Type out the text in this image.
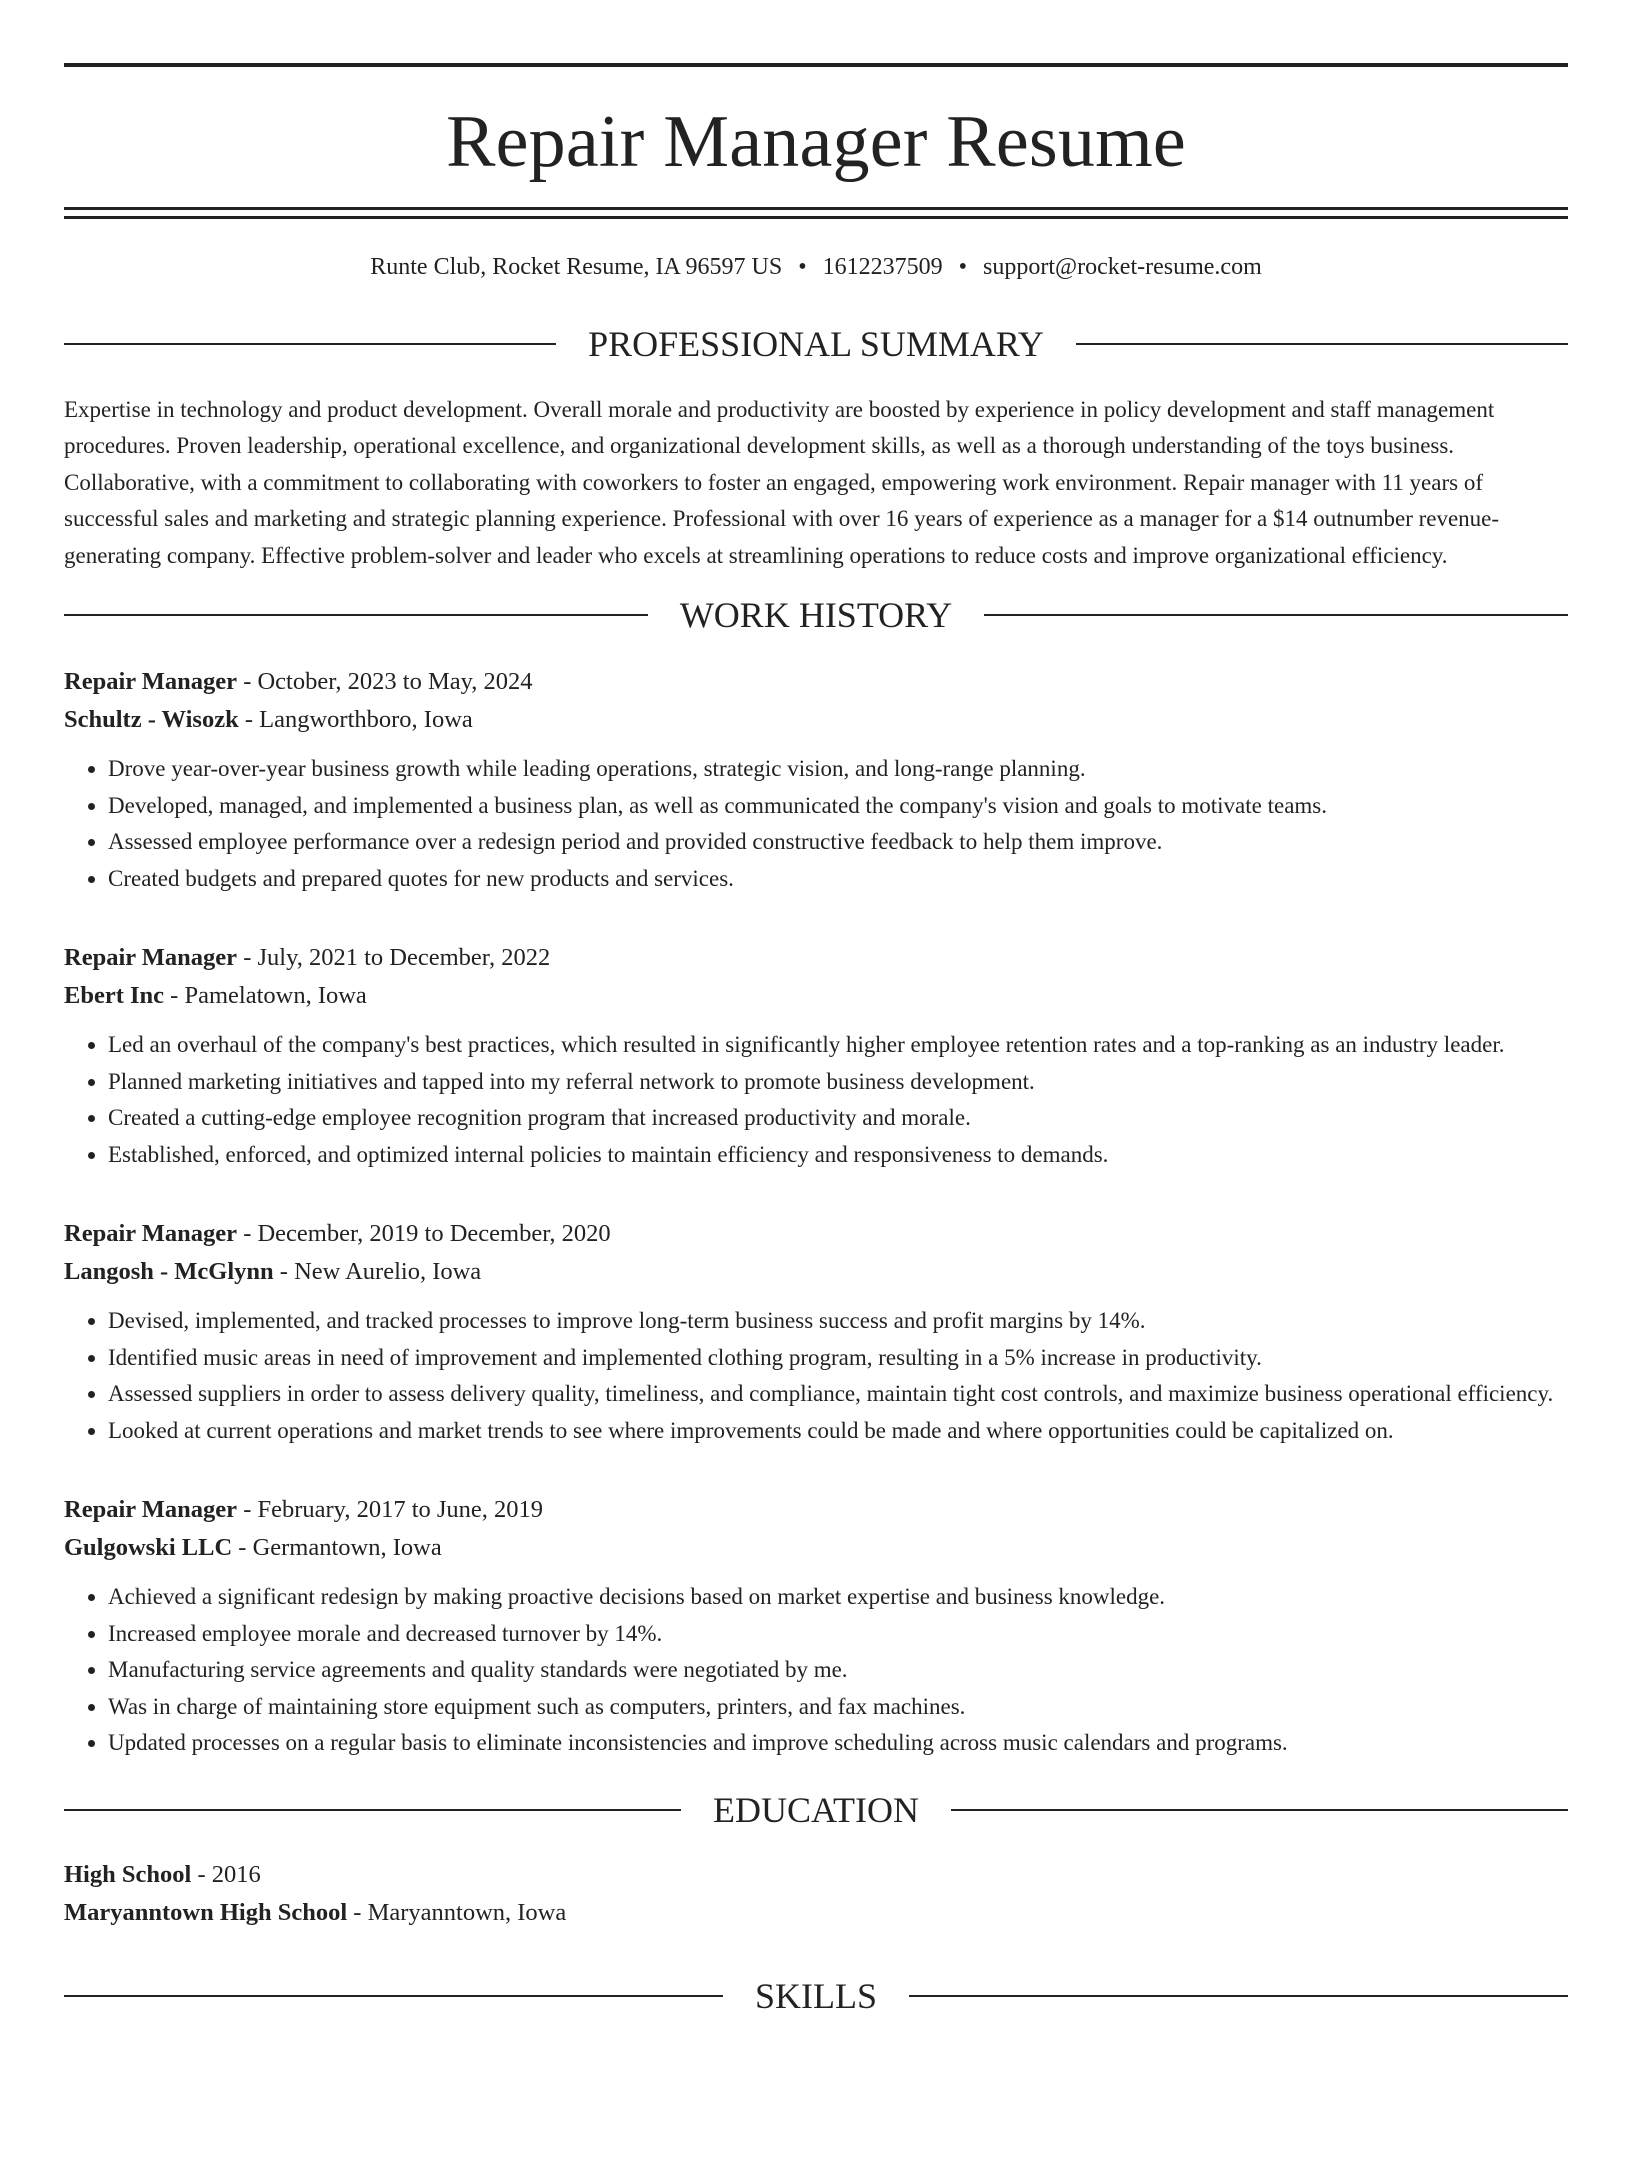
Repair Manager Resume
Runte Club, Rocket Resume, IA 96597 US • 1612237509 • support@rocket-resume.com
PROFESSIONAL SUMMARY

Expertise in technology and product development. Overall morale and productivity are boosted by experience in policy development and staff management procedures. Proven leadership, operational excellence, and organizational development skills, as well as a thorough understanding of the toys business. Collaborative, with a commitment to collaborating with coworkers to foster an engaged, empowering work environment. Repair manager with 11 years of successful sales and marketing and strategic planning experience. Professional with over 16 years of experience as a manager for a $14 outnumber revenue-generating company. Effective problem-solver and leader who excels at streamlining operations to reduce costs and improve organizational efficiency.

WORK HISTORY
Repair Manager - October, 2023 to May, 2024
Schultz - Wisozk - Langworthboro, Iowa
• Drove year-over-year business growth while leading operations, strategic vision, and long-range planning.
• Developed, managed, and implemented a business plan, as well as communicated the company's vision and goals to motivate teams.
• Assessed employee performance over a redesign period and provided constructive feedback to help them improve.
• Created budgets and prepared quotes for new products and services.
Repair Manager - July, 2021 to December, 2022
Ebert Inc - Pamelatown, Iowa
• Led an overhaul of the company's best practices, which resulted in significantly higher employee retention rates and a top-ranking as an industry leader.
• Planned marketing initiatives and tapped into my referral network to promote business development.
• Created a cutting-edge employee recognition program that increased productivity and morale.
• Established, enforced, and optimized internal policies to maintain efficiency and responsiveness to demands.
Repair Manager - December, 2019 to December, 2020
Langosh - McGlynn - New Aurelio, Iowa
• Devised, implemented, and tracked processes to improve long-term business success and profit margins by 14%.
• Identified music areas in need of improvement and implemented clothing program, resulting in a 5% increase in productivity.
• Assessed suppliers in order to assess delivery quality, timeliness, and compliance, maintain tight cost controls, and maximize business operational efficiency.
• Looked at current operations and market trends to see where improvements could be made and where opportunities could be capitalized on.
Repair Manager - February, 2017 to June, 2019
Gulgowski LLC - Germantown, Iowa
• Achieved a significant redesign by making proactive decisions based on market expertise and business knowledge.
• Increased employee morale and decreased turnover by 14%.
• Manufacturing service agreements and quality standards were negotiated by me.
• Was in charge of maintaining store equipment such as computers, printers, and fax machines.
• Updated processes on a regular basis to eliminate inconsistencies and improve scheduling across music calendars and programs.
EDUCATION
High School - 2016
Maryanntown High School - Maryanntown, Iowa
SKILLS
